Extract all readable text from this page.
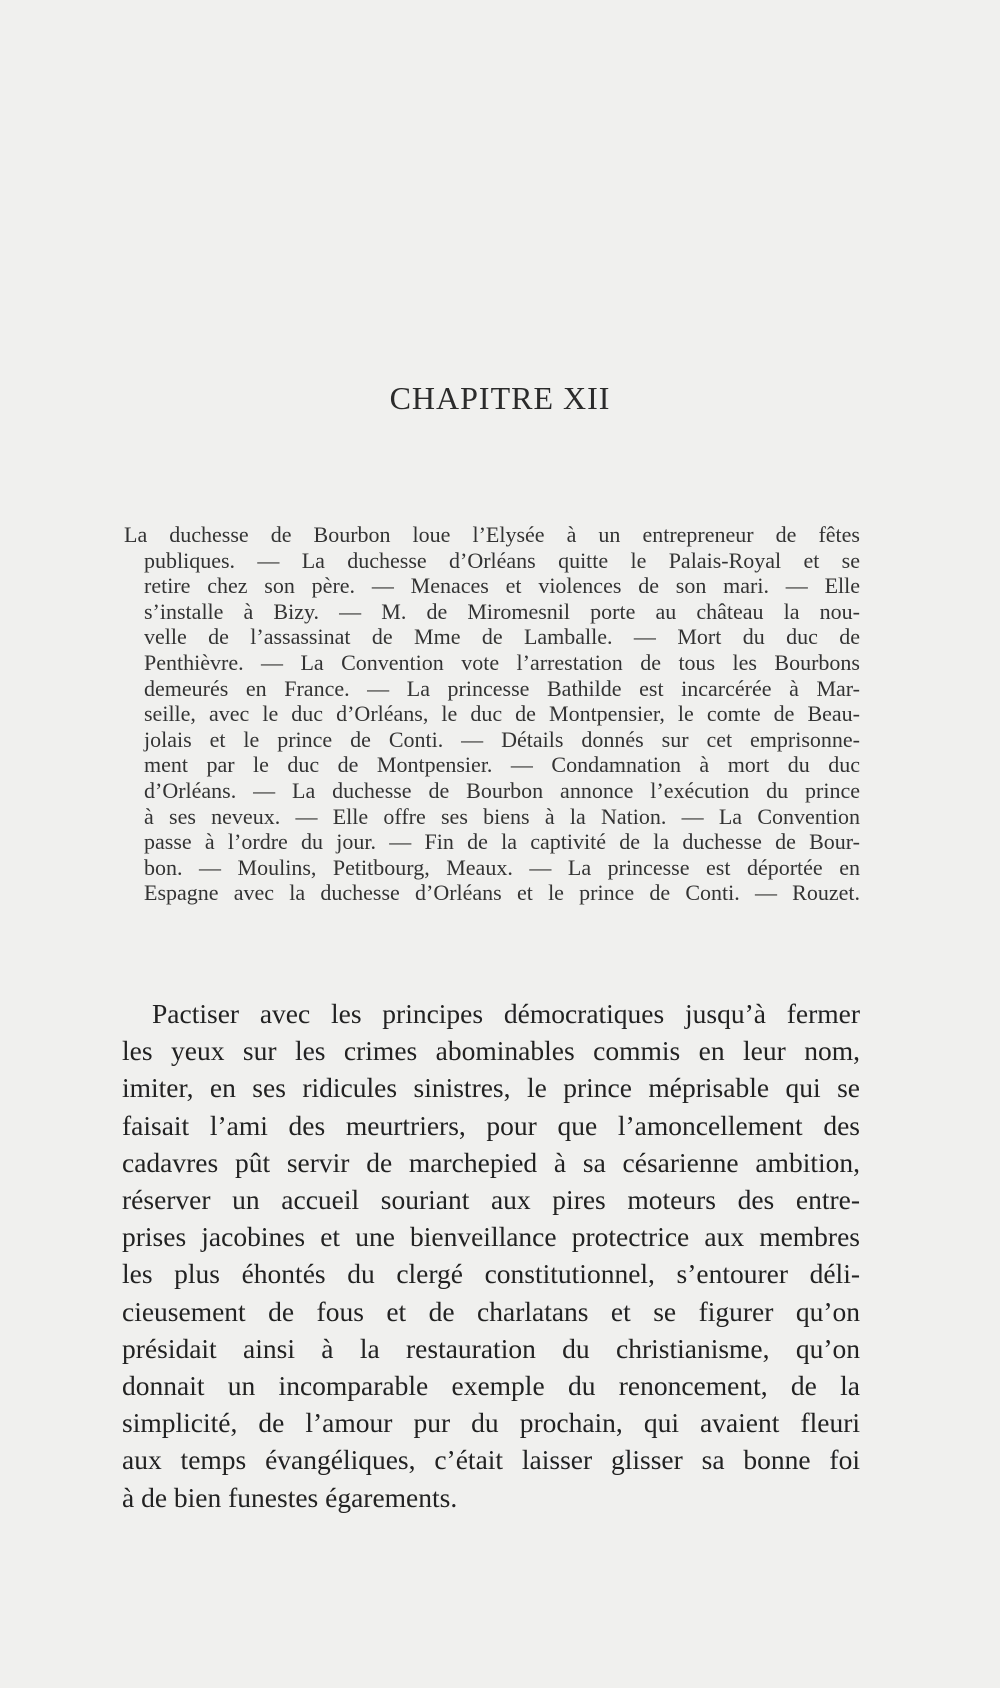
CHAPITRE XII
La duchesse de Bourbon loue l’Elysée à un entrepreneur de fêtes
publiques. — La duchesse d’Orléans quitte le Palais-Royal et se
retire chez son père. — Menaces et violences de son mari. — Elle
s’installe à Bizy. — M. de Miromesnil porte au château la nou-
velle de l’assassinat de Mme de Lamballe. — Mort du duc de
Penthièvre. — La Convention vote l’arrestation de tous les Bourbons
demeurés en France. — La princesse Bathilde est incarcérée à Mar-
seille, avec le duc d’Orléans, le duc de Montpensier, le comte de Beau-
jolais et le prince de Conti. — Détails donnés sur cet emprisonne-
ment par le duc de Montpensier. — Condamnation à mort du duc
d’Orléans. — La duchesse de Bourbon annonce l’exécution du prince
à ses neveux. — Elle offre ses biens à la Nation. — La Convention
passe à l’ordre du jour. — Fin de la captivité de la duchesse de Bour-
bon. — Moulins, Petitbourg, Meaux. — La princesse est déportée en
Espagne avec la duchesse d’Orléans et le prince de Conti. — Rouzet.
Pactiser avec les principes démocratiques jusqu’à fermer
les yeux sur les crimes abominables commis en leur nom,
imiter, en ses ridicules sinistres, le prince méprisable qui se
faisait l’ami des meurtriers, pour que l’amoncellement des
cadavres pût servir de marchepied à sa césarienne ambition,
réserver un accueil souriant aux pires moteurs des entre-
prises jacobines et une bienveillance protectrice aux membres
les plus éhontés du clergé constitutionnel, s’entourer déli-
cieusement de fous et de charlatans et se figurer qu’on
présidait ainsi à la restauration du christianisme, qu’on
donnait un incomparable exemple du renoncement, de la
simplicité, de l’amour pur du prochain, qui avaient fleuri
aux temps évangéliques, c’était laisser glisser sa bonne foi
à de bien funestes égarements.
